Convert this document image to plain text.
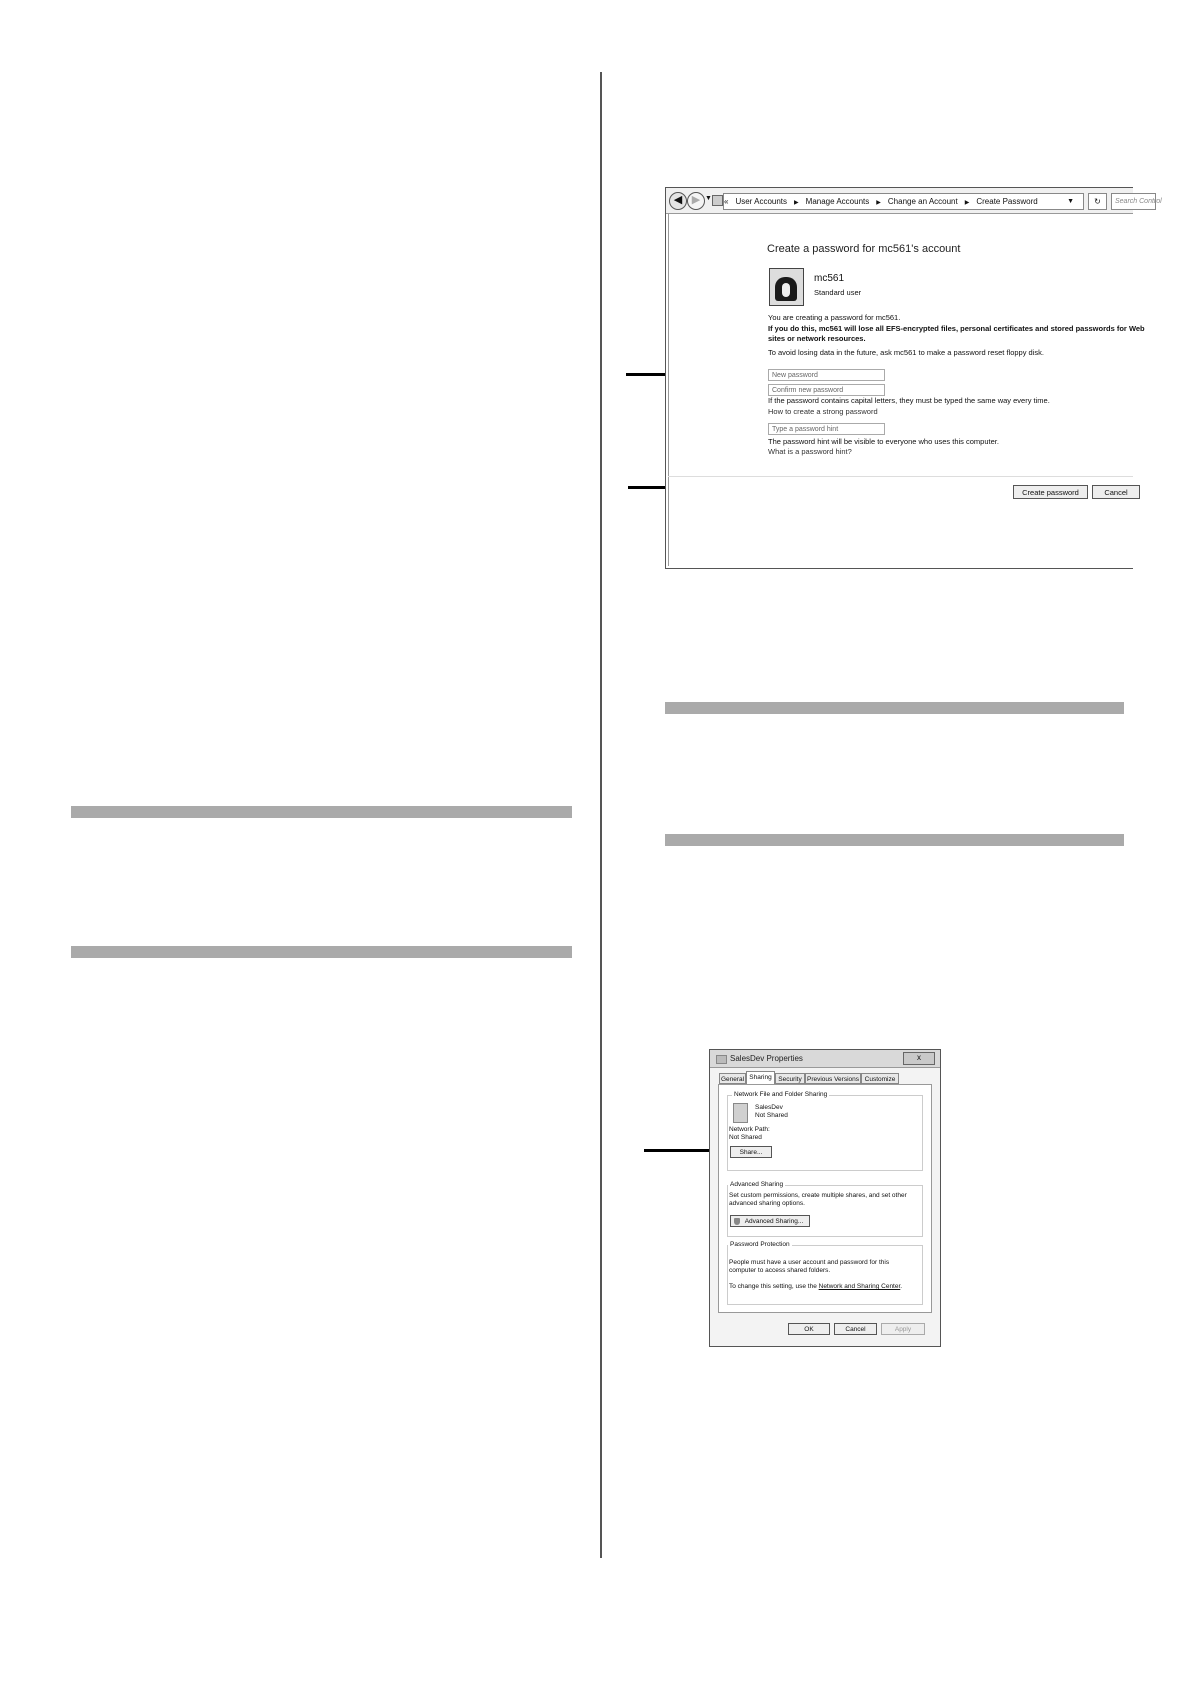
◀ ▶ ▼ « User Accounts ▶ Manage Accounts ▶ Change an Account ▶ Create Password	▼	↻	Search Control
Create a password for mc561's account
mc561
Standard user
You are creating a password for mc561.
If you do this, mc561 will lose all EFS-encrypted files, personal certificates and stored passwords for Web
sites or network resources.
To avoid losing data in the future, ask mc561 to make a password reset floppy disk.
New password
Confirm new password
If the password contains capital letters, they must be typed the same way every time.
How to create a strong password
Type a password hint
The password hint will be visible to everyone who uses this computer.
What is a password hint?
Create password	Cancel
SalesDev Properties	x
General Sharing	Security Previous Versions Customize
Network File and Folder Sharing
SalesDev
Not Shared
Network Path:
Not Shared
Share...
Advanced Sharing
Set custom permissions, create multiple shares, and set other
advanced sharing options.
Advanced Sharing...
Password Protection
People must have a user account and password for this
computer to access shared folders.
To change this setting, use the Network and Sharing Center.
OK	Cancel	Apply
